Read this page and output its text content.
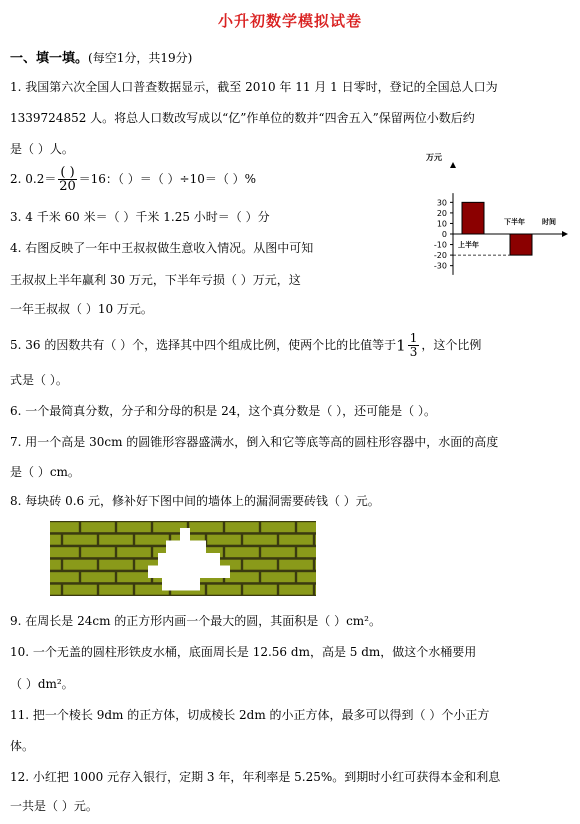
小升初数学模拟试卷
一、填一填。(每空1分，共19分)
1. 我国第六次全国人口普查数据显示，截至 2010 年 11 月 1 日零时，登记的全国总人口为
1339724852 人。将总人口数改写成以“亿”作单位的数并“四舍五入”保留两位小数后约
是（ ）人。
2. $0.2= \frac{( )}{20} =16$：（ ）＝（ ）÷10＝（ ）%
3. 4 千米 60 米＝（ ）千米 1.25 小时＝（ ）分
4. 右图反映了一年中王叔叔做生意收入情况。从图中可知
王叔叔上半年赢利 30 万元，下半年亏损（ ）万元，这
一年王叔叔（ ）10 万元。
万元
时间
30
20
10
0
-10
-20
-30
上半年
下半年
5. 36 的因数共有（ ）个，选择其中四个组成比例，使两个比的比值等于$1 \frac{1}{3}$ ，这个比例
式是（ ）。
6. 一个最简真分数，分子和分母的积是 24，这个真分数是（ ），还可能是（ ）。
7. 用一个高是 30cm 的圆锥形容器盛满水，倒入和它等底等高的圆柱形容器中，水面的高度
是（ ）cm。
8. 每块砖 0.6 元，修补好下图中间的墙体上的漏洞需要砖钱（ ）元。
9. 在周长是 24cm 的正方形内画一个最大的圆，其面积是（ ）cm²。
10. 一个无盖的圆柱形铁皮水桶，底面周长是 12.56 dm，高是 5 dm，做这个水桶要用
（ ）dm²。
11. 把一个棱长 9dm 的正方体，切成棱长 2dm 的小正方体，最多可以得到（ ）个小正方
体。
12. 小红把 1000 元存入银行，定期 3 年，年利率是 5.25%。到期时小红可获得本金和利息
一共是（ ）元。
